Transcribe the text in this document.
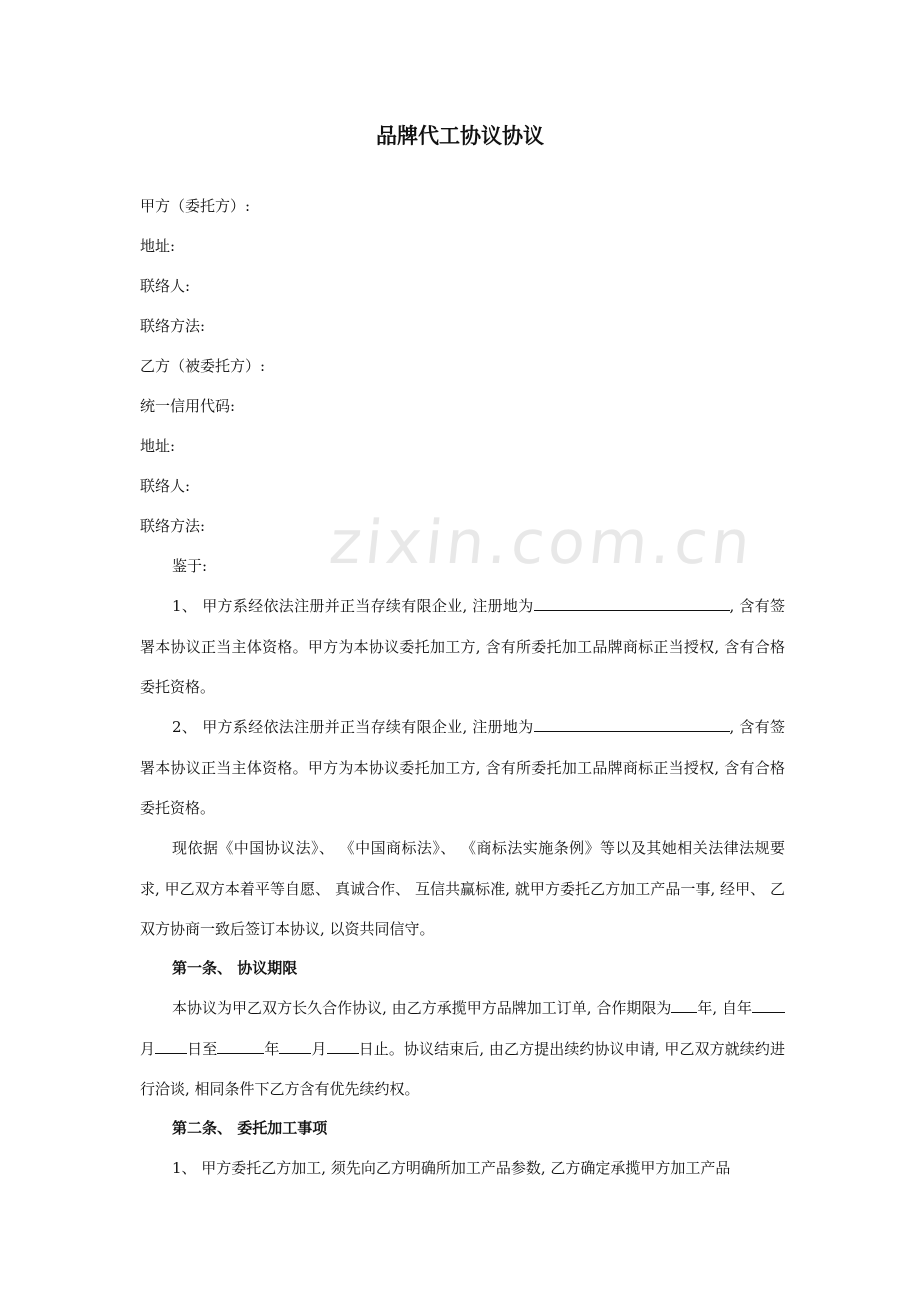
zixin.com.cn
品牌代工协议协议
甲方（委托方）:
地址:
联络人:
联络方法:
乙方（被委托方）:
统一信用代码:
地址:
联络人:
联络方法:
鉴于:
1、 甲方系经依法注册并正当存续有限企业, 注册地为	, 含有签署本协议正当主体资格。甲方为本协议委托加工方, 含有所委托加工品牌商标正当授权, 含有合格委托资格。
2、 甲方系经依法注册并正当存续有限企业, 注册地为	, 含有签署本协议正当主体资格。甲方为本协议委托加工方, 含有所委托加工品牌商标正当授权, 含有合格委托资格。
现依据《中国协议法》、 《中国商标法》、 《商标法实施条例》等以及其她相关法律法规要求, 甲乙双方本着平等自愿、 真诚合作、 互信共赢标准, 就甲方委托乙方加工产品一事, 经甲、 乙双方协商一致后签订本协议, 以资共同信守。
第一条、 协议期限
本协议为甲乙双方长久合作协议, 由乙方承揽甲方品牌加工订单, 合作期限为 年, 自年月 日至	年 月 日止。协议结束后, 由乙方提出续约协议申请, 甲乙双方就续约进行洽谈, 相同条件下乙方含有优先续约权。
第二条、 委托加工事项
1、 甲方委托乙方加工, 须先向乙方明确所加工产品参数, 乙方确定承揽甲方加工产品
